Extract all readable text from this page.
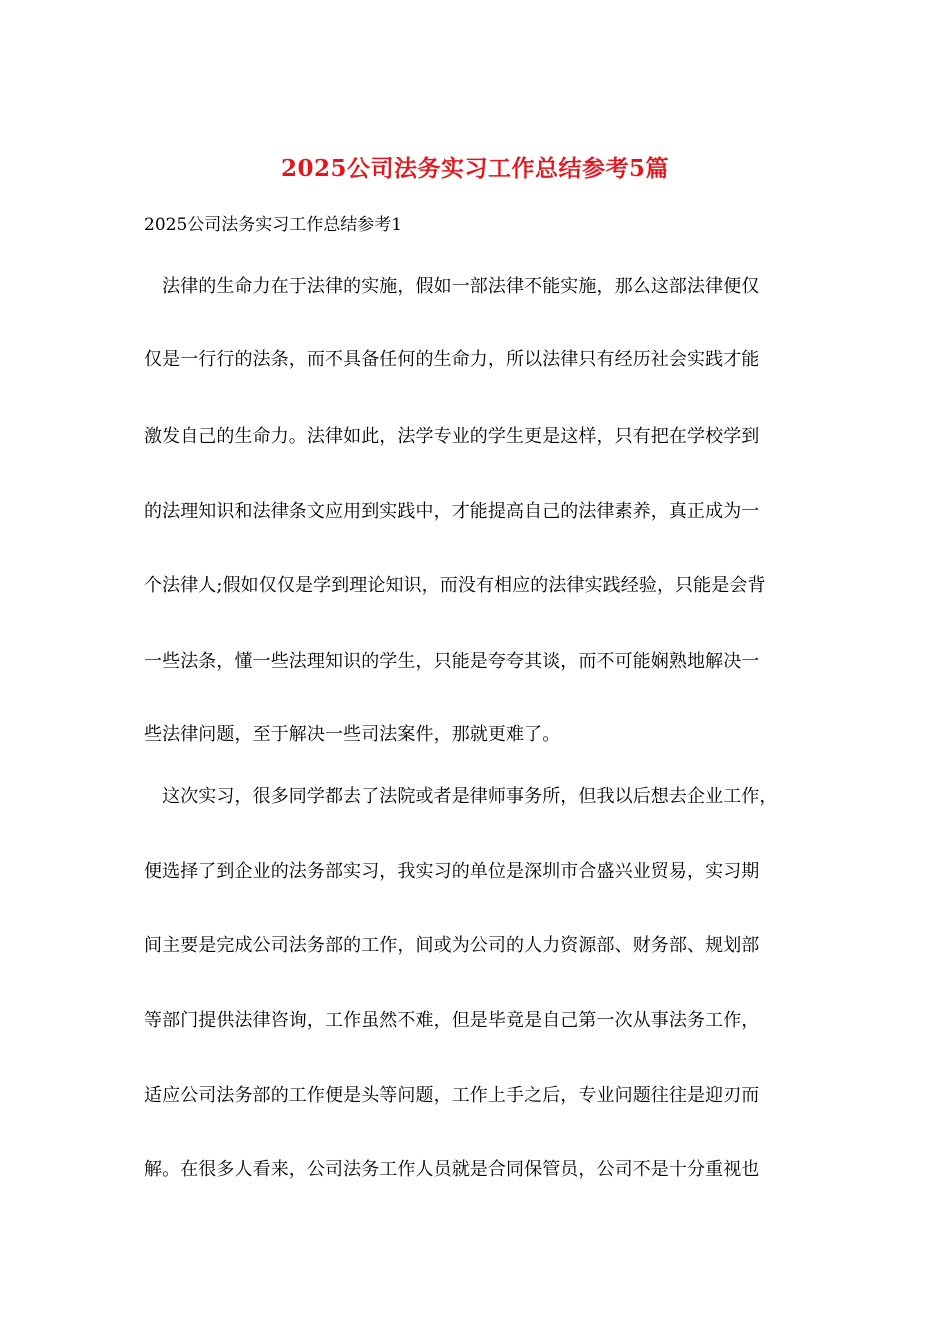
2025公司法务实习工作总结参考5篇
2025公司法务实习工作总结参考1
　法律的生命力在于法律的实施，假如一部法律不能实施，那么这部法律便仅
仅是一行行的法条，而不具备任何的生命力，所以法律只有经历社会实践才能
激发自己的生命力。法律如此，法学专业的学生更是这样，只有把在学校学到
的法理知识和法律条文应用到实践中，才能提高自己的法律素养，真正成为一
个法律人;假如仅仅是学到理论知识，而没有相应的法律实践经验，只能是会背
一些法条，懂一些法理知识的学生，只能是夸夸其谈，而不可能娴熟地解决一
些法律问题，至于解决一些司法案件，那就更难了。
　这次实习，很多同学都去了法院或者是律师事务所，但我以后想去企业工作，
便选择了到企业的法务部实习，我实习的单位是深圳市合盛兴业贸易，实习期
间主要是完成公司法务部的工作，间或为公司的人力资源部、财务部、规划部
等部门提供法律咨询，工作虽然不难，但是毕竟是自己第一次从事法务工作，
适应公司法务部的工作便是头等问题，工作上手之后，专业问题往往是迎刃而
解。在很多人看来，公司法务工作人员就是合同保管员，公司不是十分重视也
